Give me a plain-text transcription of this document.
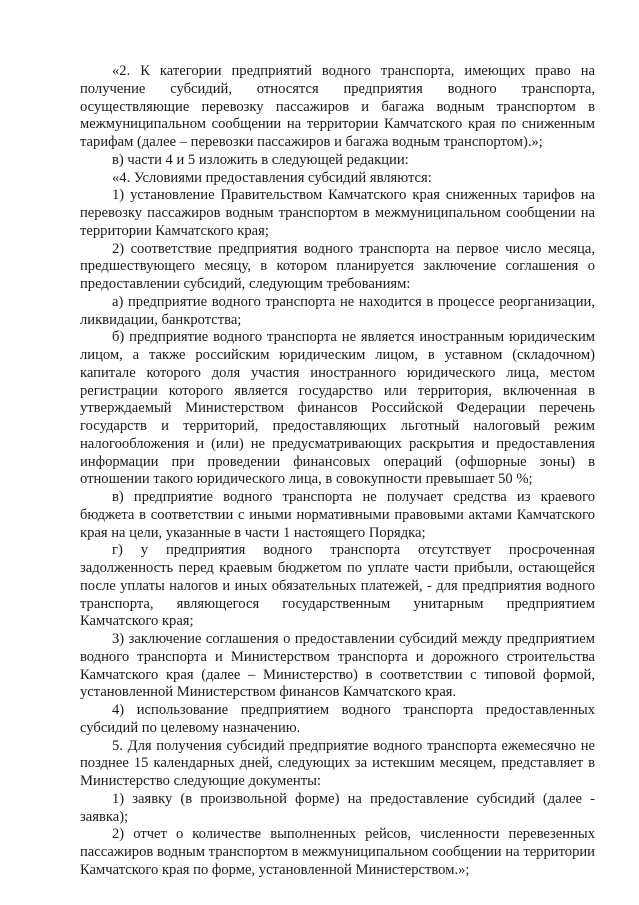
«2. К категории предприятий водного транспорта, имеющих право на получение субсидий, относятся предприятия водного транспорта, осуществляющие перевозку пассажиров и багажа водным транспортом в межмуниципальном сообщении на территории Камчатского края по сниженным тарифам (далее – перевозки пассажиров и багажа водным транспортом).»;

в) части 4 и 5 изложить в следующей редакции:

«4. Условиями предоставления субсидий являются:

1) установление Правительством Камчатского края сниженных тарифов на перевозку пассажиров водным транспортом в межмуниципальном сообщении на территории Камчатского края;

2) соответствие предприятия водного транспорта на первое число месяца, предшествующего месяцу, в котором планируется заключение соглашения о предоставлении субсидий, следующим требованиям:

а) предприятие водного транспорта не находится в процессе реорганизации, ликвидации, банкротства;

б) предприятие водного транспорта не является иностранным юридическим лицом, а также российским юридическим лицом, в уставном (складочном) капитале которого доля участия иностранного юридического лица, местом регистрации которого является государство или территория, включенная в утверждаемый Министерством финансов Российской Федерации перечень государств и территорий, предоставляющих льготный налоговый режим налогообложения и (или) не предусматривающих раскрытия и предоставления информации при проведении финансовых операций (офшорные зоны) в отношении такого юридического лица, в совокупности превышает 50 %;

в) предприятие водного транспорта не получает средства из краевого бюджета в соответствии с иными нормативными правовыми актами Камчатского края на цели, указанные в части 1 настоящего Порядка;

г) у предприятия водного транспорта отсутствует просроченная задолженность перед краевым бюджетом по уплате части прибыли, остающейся после уплаты налогов и иных обязательных платежей, - для предприятия водного транспорта, являющегося государственным унитарным предприятием Камчатского края;

3) заключение соглашения о предоставлении субсидий между предприятием водного транспорта и Министерством транспорта и дорожного строительства Камчатского края (далее – Министерство) в соответствии с типовой формой, установленной Министерством финансов Камчатского края.

4) использование предприятием водного транспорта предоставленных субсидий по целевому назначению.

5. Для получения субсидий предприятие водного транспорта ежемесячно не позднее 15 календарных дней, следующих за истекшим месяцем, представляет в Министерство следующие документы:

1) заявку (в произвольной форме) на предоставление субсидий (далее - заявка);

2) отчет о количестве выполненных рейсов, численности перевезенных пассажиров водным транспортом в межмуниципальном сообщении на территории Камчатского края по форме, установленной Министерством.»;
